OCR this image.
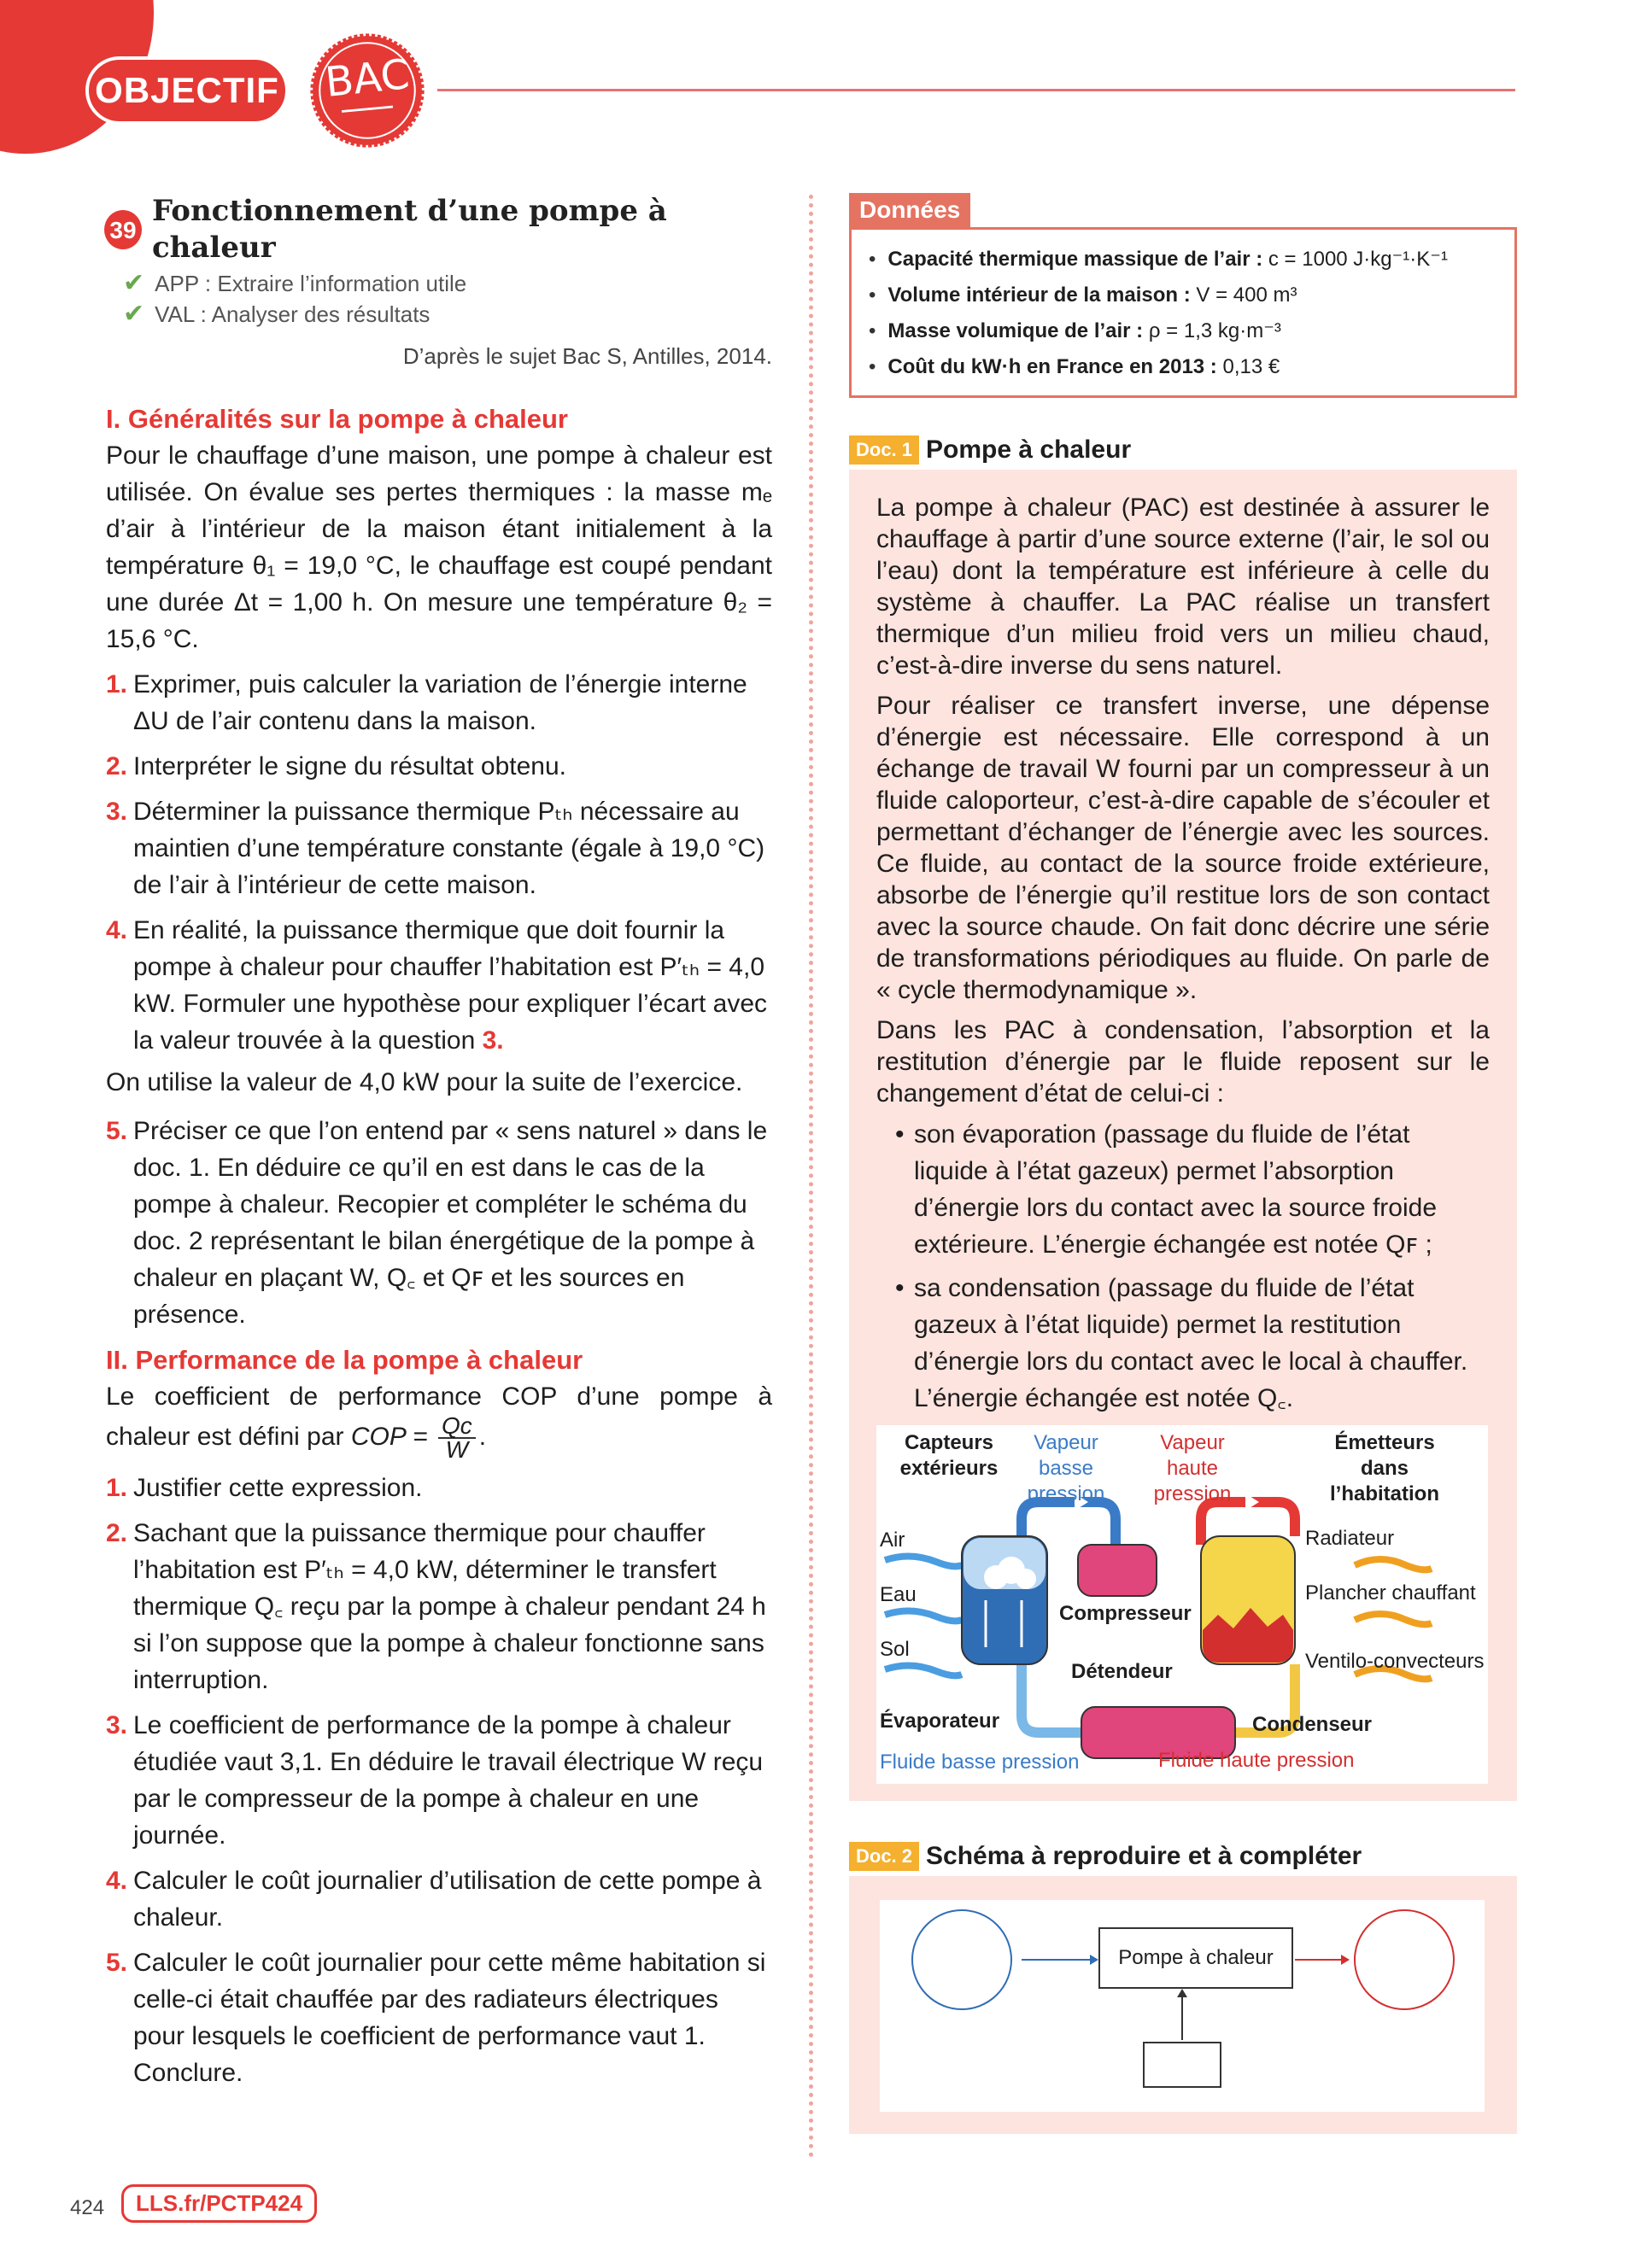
OBJECTIF	BAC
39
Fonctionnement d’une pompe à chaleur
✔ APP : Extraire l’information utile
✔ VAL : Analyser des résultats
D’après le sujet Bac S, Antilles, 2014.
I. Généralités sur la pompe à chaleur
Pour le chauffage d’une maison, une pompe à chaleur est utilisée. On évalue ses pertes thermiques : la masse mₑ d’air à l’intérieur de la maison étant initialement à la température θ₁ = 19,0 °C, le chauffage est coupé pendant une durée Δt = 1,00 h. On mesure une température θ₂ = 15,6 °C.
1. Exprimer, puis calculer la variation de l’énergie interne ΔU de l’air contenu dans la maison.
2. Interpréter le signe du résultat obtenu.
3. Déterminer la puissance thermique Pₜₕ nécessaire au maintien d’une température constante (égale à 19,0 °C) de l’air à l’intérieur de cette maison.
4. En réalité, la puissance thermique que doit fournir la pompe à chaleur pour chauffer l’habitation est P′ₜₕ = 4,0 kW. Formuler une hypothèse pour expliquer l’écart avec la valeur trouvée à la question 3.
On utilise la valeur de 4,0 kW pour la suite de l’exercice.
5. Préciser ce que l’on entend par « sens naturel » dans le doc. 1. En déduire ce qu’il en est dans le cas de la pompe à chaleur. Recopier et compléter le schéma du doc. 2 représentant le bilan énergétique de la pompe à chaleur en plaçant W, Q꜀ et Qꜰ et les sources en présence.
II. Performance de la pompe à chaleur
Le coefficient de performance COP d’une pompe à chaleur est défini par COP = $\frac{Qc}{W}$ .
1. Justifier cette expression.
2. Sachant que la puissance thermique pour chauffer l’habitation est P′ₜₕ = 4,0 kW, déterminer le transfert thermique Q꜀ reçu par la pompe à chaleur pendant 24 h si l’on suppose que la pompe à chaleur fonctionne sans interruption.
3. Le coefficient de performance de la pompe à chaleur étudiée vaut 3,1. En déduire le travail électrique W reçu par le compresseur de la pompe à chaleur en une journée.
4. Calculer le coût journalier d’utilisation de cette pompe à chaleur.
5. Calculer le coût journalier pour cette même habitation si celle-ci était chauffée par des radiateurs électriques pour lesquels le coefficient de performance vaut 1. Conclure.
Données
• Capacité thermique massique de l’air : c = 1000 J·kg⁻¹·K⁻¹
• Volume intérieur de la maison : V = 400 m³
• Masse volumique de l’air : ρ = 1,3 kg·m⁻³
• Coût du kW·h en France en 2013 : 0,13 €
Doc. 1 Pompe à chaleur

La pompe à chaleur (PAC) est destinée à assurer le chauffage à partir d’une source externe (l’air, le sol ou l’eau) dont la température est inférieure à celle du système à chauffer. La PAC réalise un transfert thermique d’un milieu froid vers un milieu chaud, c’est-à-dire inverse du sens naturel.

Pour réaliser ce transfert inverse, une dépense d’énergie est nécessaire. Elle correspond à un échange de travail W fourni par un compresseur à un fluide caloporteur, c’est-à-dire capable de s’écouler et permettant d’échanger de l’énergie avec les sources. Ce fluide, au contact de la source froide extérieure, absorbe de l’énergie qu’il restitue lors de son contact avec la source chaude. On fait donc décrire une série de transformations périodiques au fluide. On parle de « cycle thermodynamique ».

Dans les PAC à condensation, l’absorption et la restitution d’énergie par le fluide reposent sur le changement d’état de celui-ci :

• son évaporation (passage du fluide de l’état liquide à l’état gazeux) permet l’absorption d’énergie lors du contact avec la source froide extérieure. L’énergie échangée est notée Qꜰ ;
• sa condensation (passage du fluide de l’état gazeux à l’état liquide) permet la restitution d’énergie lors du contact avec le local à chauffer. L’énergie échangée est notée Q꜀.
Capteurs extérieurs
Vapeur basse pression
Vapeur haute pression
Émetteurs dans l’habitation
Air
Eau
Sol
Compresseur
Détendeur
Évaporateur	Condenseur
Fluide basse pression	Fluide haute pression
Radiateur
Plancher chauffant
Ventilo-convecteurs
Doc. 2 Schéma à reproduire et à compléter
Pompe à chaleur
424	LLS.fr/PCTP424
